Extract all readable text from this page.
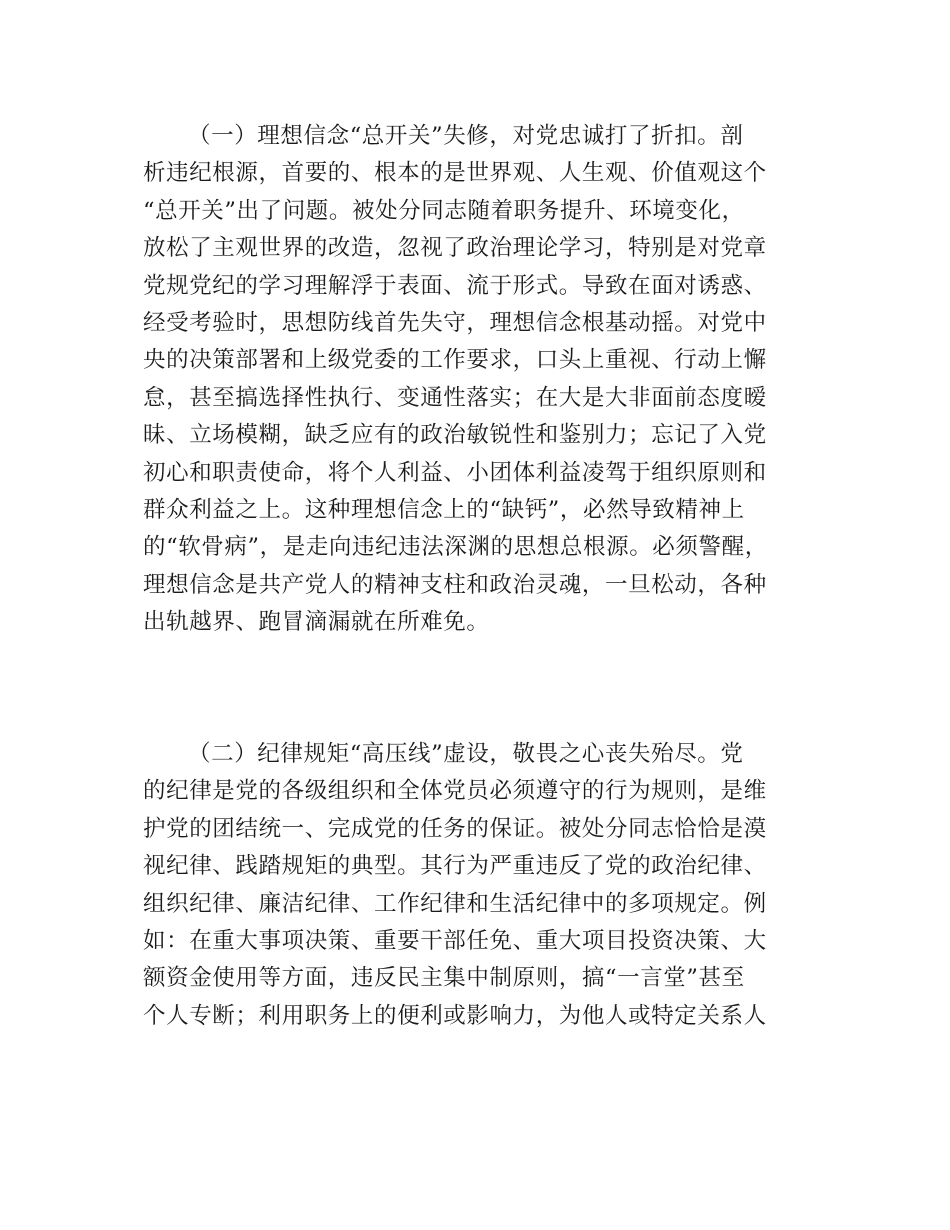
（一）理想信念“总开关”失修，对党忠诚打了折扣。剖
析违纪根源，首要的、根本的是世界观、人生观、价值观这个
“总开关”出了问题。被处分同志随着职务提升、环境变化，
放松了主观世界的改造，忽视了政治理论学习，特别是对党章
党规党纪的学习理解浮于表面、流于形式。导致在面对诱惑、
经受考验时，思想防线首先失守，理想信念根基动摇。对党中
央的决策部署和上级党委的工作要求，口头上重视、行动上懈
怠，甚至搞选择性执行、变通性落实；在大是大非面前态度暧
昧、立场模糊，缺乏应有的政治敏锐性和鉴别力；忘记了入党
初心和职责使命，将个人利益、小团体利益凌驾于组织原则和
群众利益之上。这种理想信念上的“缺钙”，必然导致精神上
的“软骨病”，是走向违纪违法深渊的思想总根源。必须警醒，
理想信念是共产党人的精神支柱和政治灵魂，一旦松动，各种
出轨越界、跑冒滴漏就在所难免。
（二）纪律规矩“高压线”虚设，敬畏之心丧失殆尽。党
的纪律是党的各级组织和全体党员必须遵守的行为规则，是维
护党的团结统一、完成党的任务的保证。被处分同志恰恰是漠
视纪律、践踏规矩的典型。其行为严重违反了党的政治纪律、
组织纪律、廉洁纪律、工作纪律和生活纪律中的多项规定。例
如：在重大事项决策、重要干部任免、重大项目投资决策、大
额资金使用等方面，违反民主集中制原则，搞“一言堂”甚至
个人专断；利用职务上的便利或影响力，为他人或特定关系人
